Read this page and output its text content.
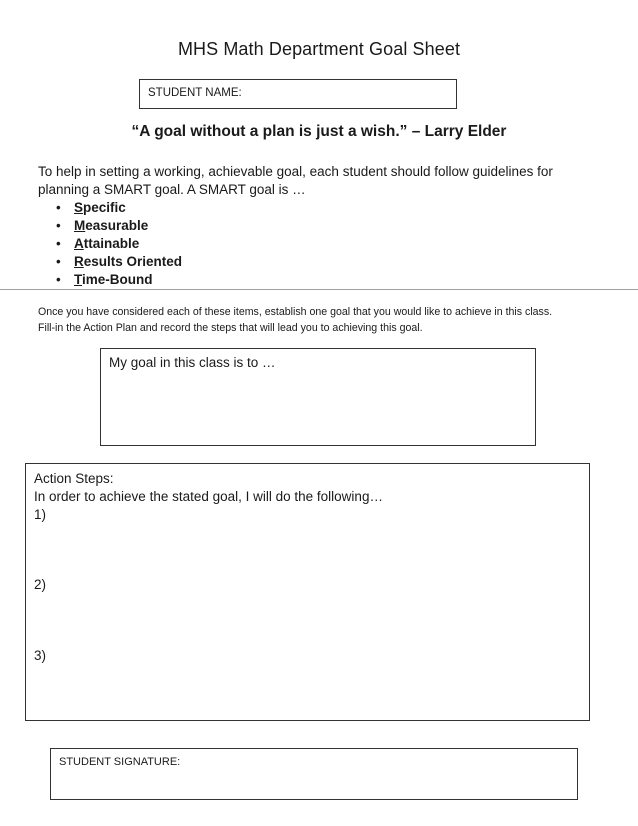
MHS Math Department Goal Sheet
STUDENT NAME:
“A goal without a plan is just a wish.” – Larry Elder
To help in setting a working, achievable goal, each student should follow guidelines for planning a SMART goal. A SMART goal is …
• Specific
• Measurable
• Attainable
• Results Oriented
• Time-Bound
Once you have considered each of these items, establish one goal that you would like to achieve in this class.
Fill-in the Action Plan and record the steps that will lead you to achieving this goal.
My goal in this class is to …
Action Steps:
In order to achieve the stated goal, I will do the following…
1)
2)
3)
STUDENT SIGNATURE:
